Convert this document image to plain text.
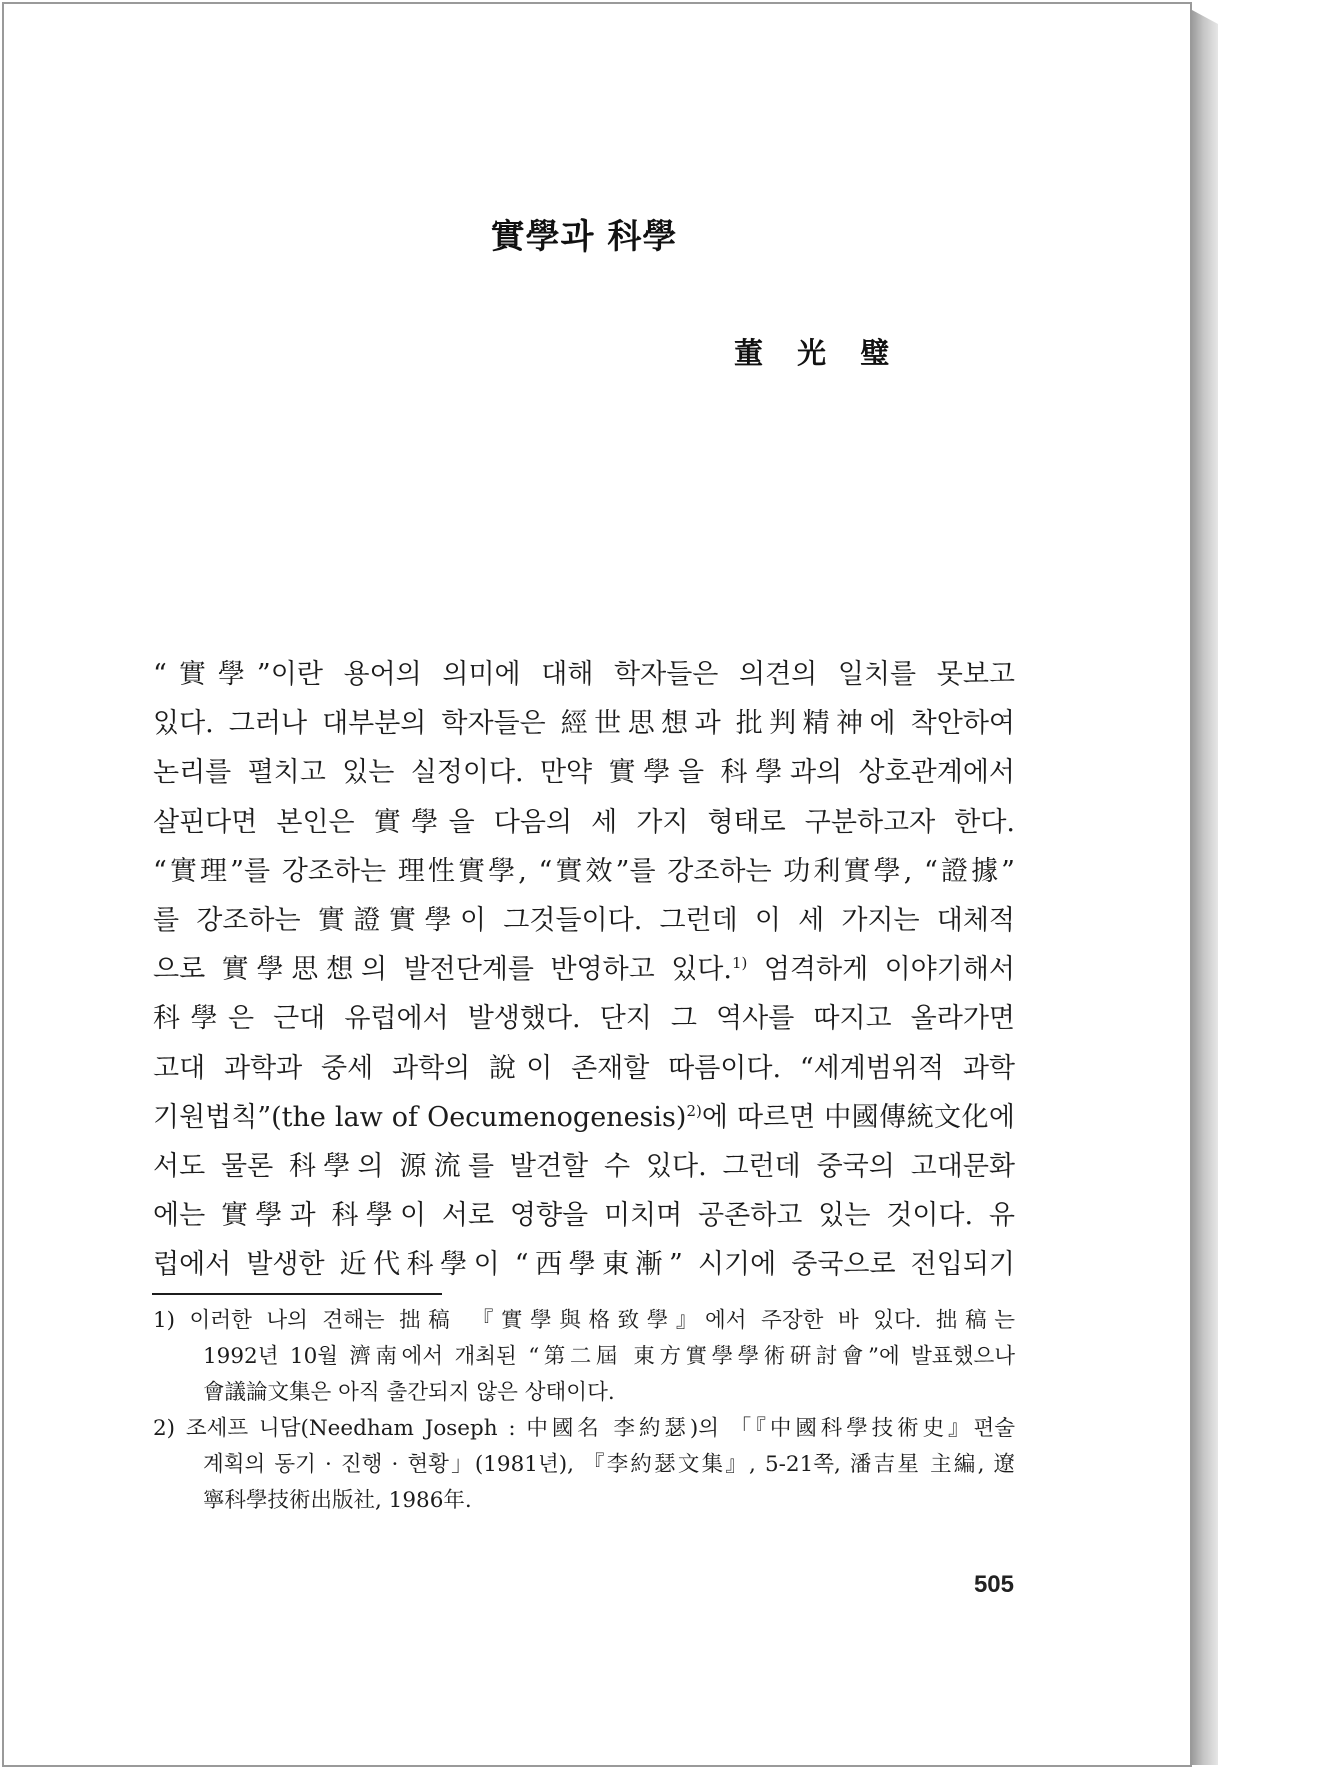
實學과 科學
董 光 璧
“實學”이란 용어의 의미에 대해 학자들은 의견의 일치를 못보고
있다. 그러나 대부분의 학자들은 經世思想과 批判精神에 착안하여
논리를 펼치고 있는 실정이다. 만약 實學을 科學과의 상호관계에서
살핀다면 본인은 實學을 다음의 세 가지 형태로 구분하고자 한다.
“實理”를 강조하는 理性實學, “實效”를 강조하는 功利實學, “證據”
를 강조하는 實證實學이 그것들이다. 그런데 이 세 가지는 대체적
으로 實學思想의 발전단계를 반영하고 있다.$^{1)}$ 엄격하게 이야기해서
科學은 근대 유럽에서 발생했다. 단지 그 역사를 따지고 올라가면
고대 과학과 중세 과학의 說이 존재할 따름이다. “세계범위적 과학
기원법칙”(the law of Oecumenogenesis)$^{2)}$에 따르면 中國傳統文化에
서도 물론 科學의 源流를 발견할 수 있다. 그런데 중국의 고대문화
에는 實學과 科學이 서로 영향을 미치며 공존하고 있는 것이다. 유
럽에서 발생한 近代科學이 “西學東漸” 시기에 중국으로 전입되기
1) 이러한 나의 견해는 拙稿 『實學與格致學』에서 주장한 바 있다. 拙稿는
1992년 10월 濟南에서 개최된 “第二屆 東方實學學術硏討會”에 발표했으나
會議論文集은 아직 출간되지 않은 상태이다.
2) 조세프 니담(Needham Joseph : 中國名 李約瑟)의 「『中國科學技術史』편술
계획의 동기 · 진행 · 현황」(1981년), 『李約瑟文集』, 5-21쪽, 潘吉星 主編, 遼
寧科學技術出版社, 1986年.
505
